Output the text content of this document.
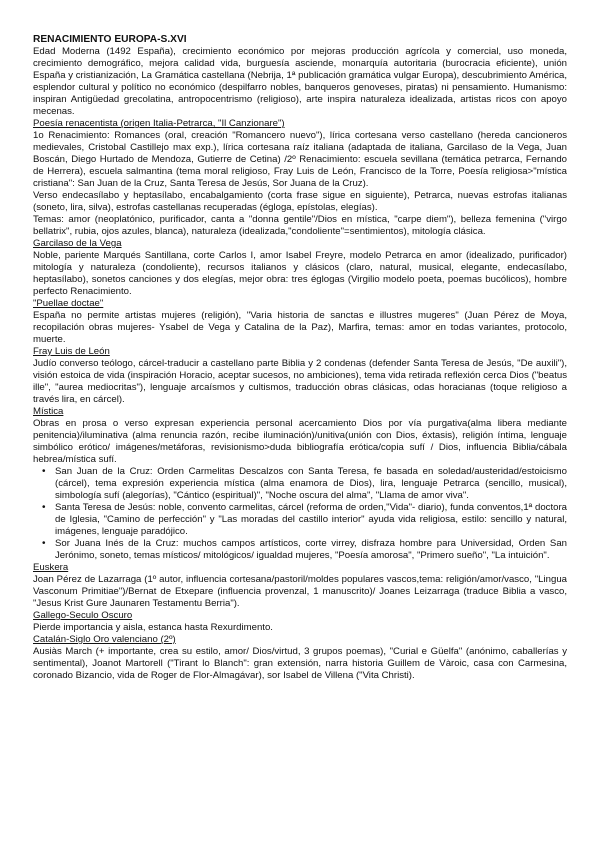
RENACIMIENTO EUROPA-S.XVI

Edad Moderna (1492 España), crecimiento económico por mejoras producción agrícola y comercial, uso moneda, crecimiento demográfico, mejora calidad vida, burguesía asciende, monarquía autoritaria (burocracia eficiente), unión España y cristianización, La Gramática castellana (Nebrija, 1ª publicación gramática vulgar Europa), descubrimiento América, esplendor cultural y político no económico (despilfarro nobles, banqueros genoveses, piratas) ni pensamiento. Humanismo: inspiran Antigüedad grecolatina, antropocentrismo (religioso), arte inspira naturaleza idealizada, artistas ricos con apoyo mecenas.

Poesía renacentista (origen Italia-Petrarca, "Il Canzionare")

1o Renacimiento: Romances (oral, creación "Romancero nuevo"), lírica cortesana verso castellano (hereda cancioneros medievales, Cristobal Castillejo max exp.), lírica cortesana raíz italiana (adaptada de italiana, Garcilaso de la Vega, Juan Boscán, Diego Hurtado de Mendoza, Gutierre de Cetina) /2º Renacimiento: escuela sevillana (temática petrarca, Fernando de Herrera), escuela salmantina (tema moral religioso, Fray Luis de León, Francisco de la Torre, Poesía religiosa>"mística cristiana": San Juan de la Cruz, Santa Teresa de Jesús, Sor Juana de la Cruz).

Verso endecasílabo y heptasílabo, encabalgamiento (corta frase sigue en siguiente), Petrarca, nuevas estrofas italianas (soneto, lira, silva), estrofas castellanas recuperadas (égloga, epístolas, elegías).

Temas: amor (neoplatónico, purificador, canta a "donna gentile"/Dios en mística, "carpe diem"), belleza femenina ("virgo bellatrix", rubia, ojos azules, blanca), naturaleza (idealizada,"condoliente"=sentimientos), mitología clásica.

Garcilaso de la Vega

Noble, pariente Marqués Santillana, corte Carlos I, amor Isabel Freyre, modelo Petrarca en amor (idealizado, purificador) mitología y naturaleza (condoliente), recursos italianos y clásicos (claro, natural, musical, elegante, endecasílabo, heptasílabo), sonetos canciones y dos elegías, mejor obra: tres églogas (Virgilio modelo poeta, poemas bucólicos), hombre perfecto Renacimiento.

"Puellae doctae"

España no permite artistas mujeres (religión), "Varia historia de sanctas e illustres mugeres" (Juan Pérez de Moya, recopilación obras mujeres- Ysabel de Vega y Catalina de la Paz), Marfira, temas: amor en todas variantes, protocolo, muerte.

Fray Luis de León

Judío converso teólogo, cárcel-traducir a castellano parte Biblia y 2 condenas (defender Santa Teresa de Jesús, "De auxili"), visión estoica de vida (inspiración Horacio, aceptar sucesos, no ambiciones), tema vida retirada reflexión cerca Dios ("beatus ille", "aurea mediocritas"), lenguaje arcaísmos y cultismos, traducción obras clásicas, odas horacianas (toque religioso a través lira, en cárcel).

Mística

Obras en prosa o verso expresan experiencia personal acercamiento Dios por vía purgativa(alma libera mediante penitencia)/iluminativa (alma renuncia razón, recibe iluminación)/unitiva(unión con Dios, éxtasis), religión íntima, lenguaje simbólico erótico/ imágenes/metáforas, revisionismo>duda bibliografía erótica/copia sufí / Dios, influencia Biblia/cábala hebrea/mística sufí.

• San Juan de la Cruz: Orden Carmelitas Descalzos con Santa Teresa, fe basada en soledad/austeridad/estoicismo (cárcel), tema expresión experiencia mística (alma enamora de Dios), lira, lenguaje Petrarca (sencillo, musical), simbología sufí (alegorías), "Cántico (espiritual)", "Noche oscura del alma", "Llama de amor viva".
• Santa Teresa de Jesús: noble, convento carmelitas, cárcel (reforma de orden,"Vida"- diario), funda conventos,1ª doctora de Iglesia, "Camino de perfección" y "Las moradas del castillo interior" ayuda vida religiosa, estilo: sencillo y natural, imágenes, lenguaje paradójico.
• Sor Juana Inés de la Cruz: muchos campos artísticos, corte virrey, disfraza hombre para Universidad, Orden San Jerónimo, soneto, temas místicos/ mitológicos/ igualdad mujeres, "Poesía amorosa", "Primero sueño", "La intuición".
Euskera

Joan Pérez de Lazarraga (1º autor, influencia cortesana/pastoril/moldes populares vascos,tema: religión/amor/vasco, "Lingua Vasconum Primitiae")/Bernat de Etxepare (influencia provenzal, 1 manuscrito)/ Joanes Leizarraga (traduce Biblia a vasco, "Jesus Krist Gure Jaunaren Testamentu Berria").

Gallego-Seculo Oscuro

Pierde importancia y aisla, estanca hasta Rexurdimento.

Catalán-Siglo Oro valenciano (2º)

Ausiàs March (+ importante, crea su estilo, amor/ Dios/virtud, 3 grupos poemas), "Curial e Güelfa" (anónimo, caballerías y sentimental), Joanot Martorell ("Tirant lo Blanch": gran extensión, narra historia Guillem de Vàroic, casa con Carmesina, coronado Bizancio, vida de Roger de Flor-Almagávar), sor Isabel de Villena ("Vita Christi).
